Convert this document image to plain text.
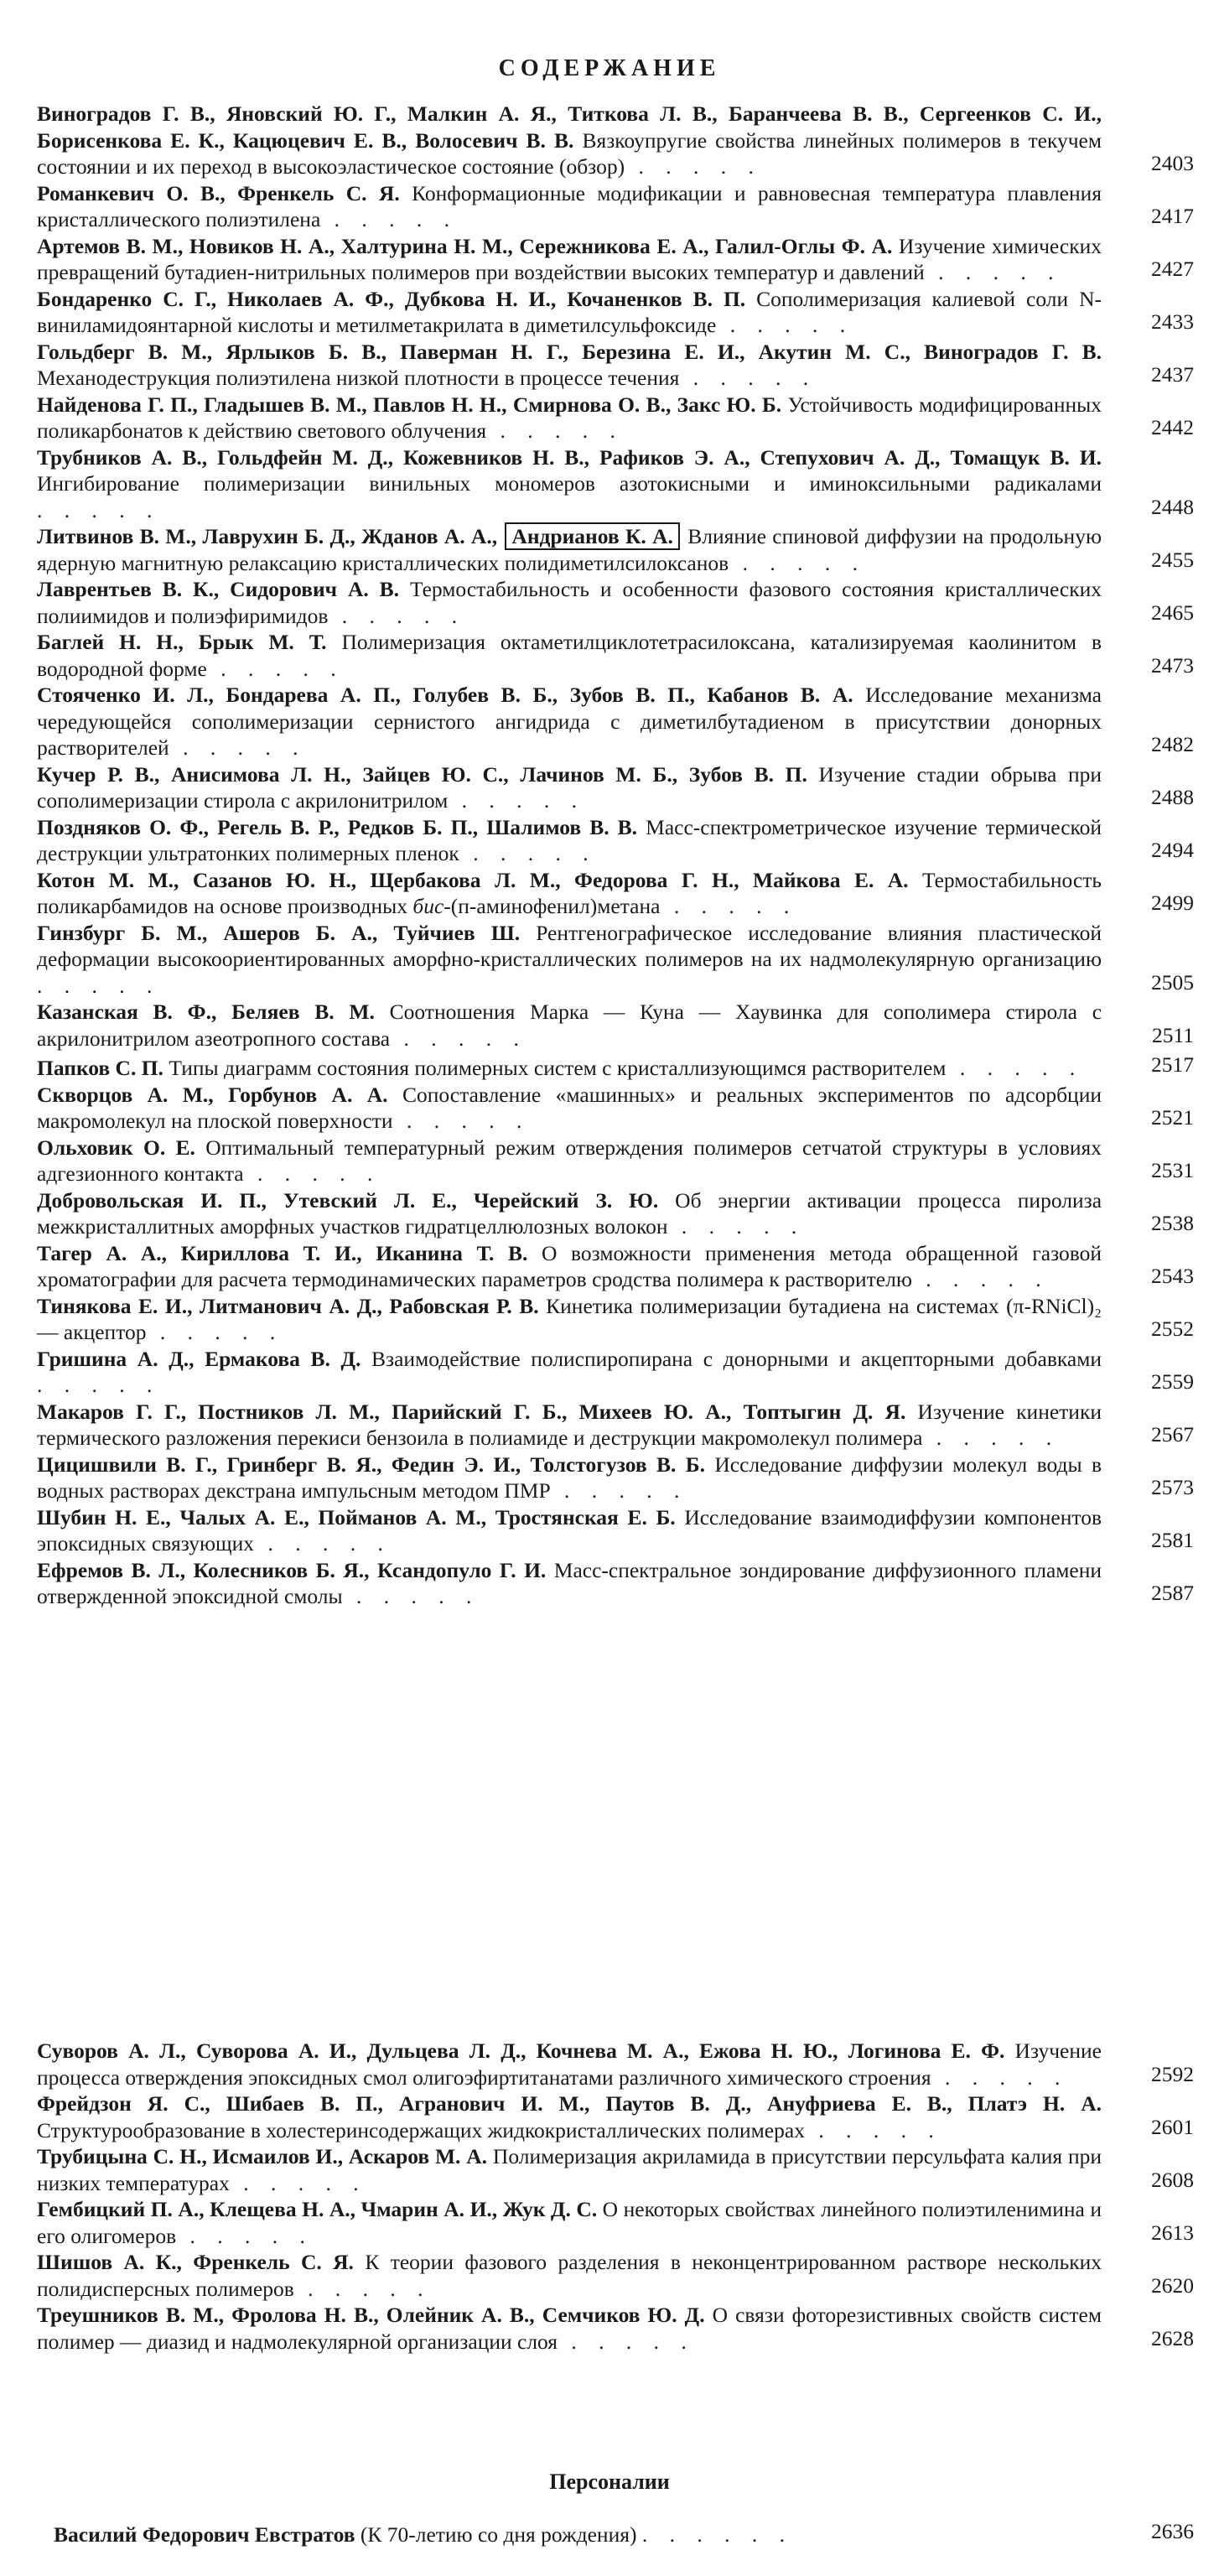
СОДЕРЖАНИЕ
Виноградов Г. В., Яновский Ю. Г., Малкин А. Я., Титкова Л. В., Баранчеева В. В., Сергеенков С. И., Борисенкова Е. К., Кацюцевич Е. В., Волосевич В. В. Вязкоупругие свойства линейных полимеров в текучем состоянии и их переход в высокоэластическое состояние (обзор) . . . . .	2403
Романкевич О. В., Френкель С. Я. Конформационные модификации и равновесная температура плавления кристаллического полиэтилена . . . . .	2417
Артемов В. М., Новиков Н. А., Халтурина Н. М., Сережникова Е. А., Галил-Оглы Ф. А. Изучение химических превращений бутадиен-нитрильных полимеров при воздействии высоких температур и давлений . . . . .	2427
Бондаренко С. Г., Николаев А. Ф., Дубкова Н. И., Кочаненков В. П. Сополимеризация калиевой соли N-виниламидоянтарной кислоты и метилметакрилата в диметилсульфоксиде . . . . .	2433
Гольдберг В. М., Ярлыков Б. В., Паверман Н. Г., Березина Е. И., Акутин М. С., Виноградов Г. В. Механодеструкция полиэтилена низкой плотности в процессе течения . . . . .	2437
Найденова Г. П., Гладышев В. М., Павлов Н. Н., Смирнова О. В., Закс Ю. Б. Устойчивость модифицированных поликарбонатов к действию светового облучения . . . . .	2442
Трубников А. В., Гольдфейн М. Д., Кожевников Н. В., Рафиков Э. А., Степухович А. Д., Томащук В. И. Ингибирование полимеризации винильных мономеров азотокисными и иминоксильными радикалами . . . . .	2448
Литвинов В. М., Лаврухин Б. Д., Жданов А. А., Андрианов К. А. Влияние спиновой диффузии на продольную ядерную магнитную релаксацию кристаллических полидиметилсилоксанов . . . . .	2455
Лаврентьев В. К., Сидорович А. В. Термостабильность и особенности фазового состояния кристаллических полиимидов и полиэфиримидов . . . . .	2465
Баглей Н. Н., Брык М. Т. Полимеризация октаметилциклотетрасилоксана, катализируемая каолинитом в водородной форме . . . . .	2473
Стояченко И. Л., Бондарева А. П., Голубев В. Б., Зубов В. П., Кабанов В. А. Исследование механизма чередующейся сополимеризации сернистого ангидрида с диметилбутадиеном в присутствии донорных растворителей . . . . .	2482
Кучер Р. В., Анисимова Л. Н., Зайцев Ю. С., Лачинов М. Б., Зубов В. П. Изучение стадии обрыва при сополимеризации стирола с акрилонитрилом . . . . .	2488
Поздняков О. Ф., Регель В. Р., Редков Б. П., Шалимов В. В. Масс-спектрометрическое изучение термической деструкции ультратонких полимерных пленок . . . . .	2494
Котон М. М., Сазанов Ю. Н., Щербакова Л. М., Федорова Г. Н., Майкова Е. А. Термостабильность поликарбамидов на основе производных бис-(п-аминофенил)метана . . . . .	2499
Гинзбург Б. М., Ашеров Б. А., Туйчиев Ш. Рентгенографическое исследование влияния пластической деформации высокоориентированных аморфно-кристаллических полимеров на их надмолекулярную организацию . . . . .	2505
Казанская В. Ф., Беляев В. М. Соотношения Марка — Куна — Хаувинка для сополимера стирола с акрилонитрилом азеотропного состава . . . . .	2511
Папков С. П. Типы диаграмм состояния полимерных систем с кристаллизующимся растворителем . . . . .	2517
Скворцов А. М., Горбунов А. А. Сопоставление «машинных» и реальных экспериментов по адсорбции макромолекул на плоской поверхности . . . . .	2521
Ольховик О. Е. Оптимальный температурный режим отверждения полимеров сетчатой структуры в условиях адгезионного контакта . . . . .	2531
Добровольская И. П., Утевский Л. Е., Черейский З. Ю. Об энергии активации процесса пиролиза межкристаллитных аморфных участков гидратцеллюлозных волокон . . . . .	2538
Тагер А. А., Кириллова Т. И., Иканина Т. В. О возможности применения метода обращенной газовой хроматографии для расчета термодинамических параметров сродства полимера к растворителю . . . . .	2543
Тинякова Е. И., Литманович А. Д., Рабовская Р. В. Кинетика полимеризации бутадиена на системах (π-RNiCl)₂ — акцептор . . . . .	2552
Гришина А. Д., Ермакова В. Д. Взаимодействие полиспиропирана с донорными и акцепторными добавками . . . . .	2559
Макаров Г. Г., Постников Л. М., Парийский Г. Б., Михеев Ю. А., Топтыгин Д. Я. Изучение кинетики термического разложения перекиси бензоила в полиамиде и деструкции макромолекул полимера . . . . .	2567
Цицишвили В. Г., Гринберг В. Я., Федин Э. И., Толстогузов В. Б. Исследование диффузии молекул воды в водных растворах декстрана импульсным методом ПМР . . . . .	2573
Шубин Н. Е., Чалых А. Е., Пойманов А. М., Тростянская Е. Б. Исследование взаимодиффузии компонентов эпоксидных связующих . . . . .	2581
Ефремов В. Л., Колесников Б. Я., Ксандопуло Г. И. Масс-спектральное зондирование диффузионного пламени отвержденной эпоксидной смолы . . . . .	2587
Суворов А. Л., Суворова А. И., Дульцева Л. Д., Кочнева М. А., Ежова Н. Ю., Логинова Е. Ф. Изучение процесса отверждения эпоксидных смол олигоэфиртитанатами различного химического строения . . . . .	2592
Фрейдзон Я. С., Шибаев В. П., Агранович И. М., Паутов В. Д., Ануфриева Е. В., Платэ Н. А. Структурообразование в холестеринсодержащих жидкокристаллических полимерах . . . . .	2601
Трубицына С. Н., Исмаилов И., Аскаров М. А. Полимеризация акриламида в присутствии персульфата калия при низких температурах . . . . .	2608
Гембицкий П. А., Клещева Н. А., Чмарин А. И., Жук Д. С. О некоторых свойствах линейного полиэтиленимина и его олигомеров . . . . .	2613
Шишов А. К., Френкель С. Я. К теории фазового разделения в неконцентрированном растворе нескольких полидисперсных полимеров . . . . .	2620
Треушников В. М., Фролова Н. В., Олейник А. В., Семчиков Ю. Д. О связи фоторезистивных свойств систем полимер — диазид и надмолекулярной организации слоя . . . . .	2628
Персоналии
Василий Федорович Евстратов (К 70-летию со дня рождения) . . . . . .	2636
